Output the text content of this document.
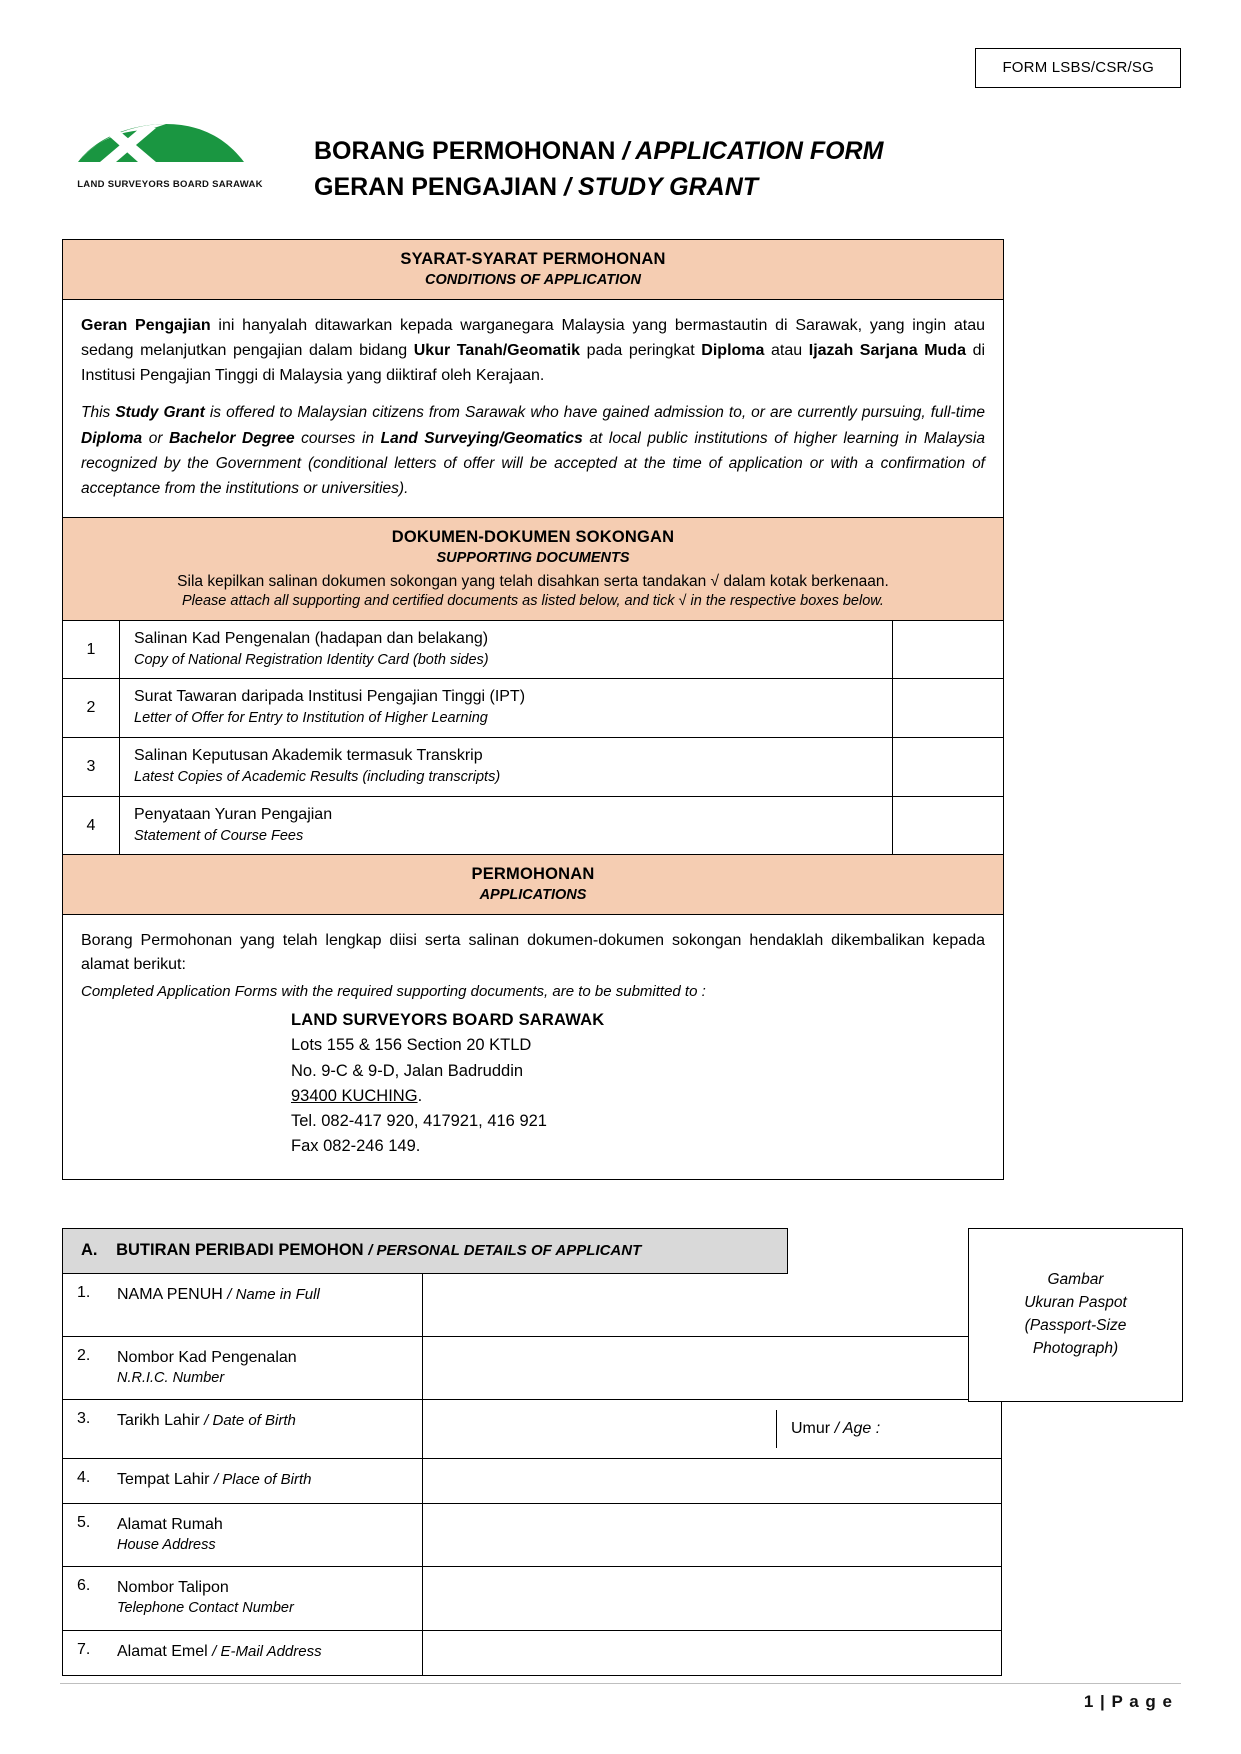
FORM LSBS/CSR/SG
LAND SURVEYORS BOARD SARAWAK
BORANG PERMOHONAN / APPLICATION FORM
GERAN PENGAJIAN / STUDY GRANT
SYARAT-SYARAT PERMOHONAN
CONDITIONS OF APPLICATION

Geran Pengajian ini hanyalah ditawarkan kepada warganegara Malaysia yang bermastautin di Sarawak, yang ingin atau sedang melanjutkan pengajian dalam bidang Ukur Tanah/Geomatik pada peringkat Diploma atau Ijazah Sarjana Muda di Institusi Pengajian Tinggi di Malaysia yang diiktiraf oleh Kerajaan.

This Study Grant is offered to Malaysian citizens from Sarawak who have gained admission to, or are currently pursuing, full-time Diploma or Bachelor Degree courses in Land Surveying/Geomatics at local public institutions of higher learning in Malaysia recognized by the Government (conditional letters of offer will be accepted at the time of application or with a confirmation of acceptance from the institutions or universities).

DOKUMEN-DOKUMEN SOKONGAN
SUPPORTING DOCUMENTS
Sila kepilkan salinan dokumen sokongan yang telah disahkan serta tandakan √ dalam kotak berkenaan.
Please attach all supporting and certified documents as listed below, and tick √ in the respective boxes below.
1
Salinan Kad Pengenalan (hadapan dan belakang)
Copy of National Registration Identity Card (both sides)
2
Surat Tawaran daripada Institusi Pengajian Tinggi (IPT)
Letter of Offer for Entry to Institution of Higher Learning
3
Salinan Keputusan Akademik termasuk Transkrip
Latest Copies of Academic Results (including transcripts)
4
Penyataan Yuran Pengajian
Statement of Course Fees
PERMOHONAN
APPLICATIONS

Borang Permohonan yang telah lengkap diisi serta salinan dokumen-dokumen sokongan hendaklah dikembalikan kepada alamat berikut:

Completed Application Forms with the required supporting documents, are to be submitted to :

LAND SURVEYORS BOARD SARAWAK
Lots 155 & 156 Section 20 KTLD
No. 9-C & 9-D, Jalan Badruddin
93400 KUCHING.
Tel. 082-417 920, 417921, 416 921
Fax 082-246 149.
A. BUTIRAN PERIBADI PEMOHON / PERSONAL DETAILS OF APPLICANT
1.	NAMA PENUH / Name in Full
2.	Nombor Kad Pengenalan
N.R.I.C. Number
3.	Tarikh Lahir / Date of Birth	Umur / Age :
4.	Tempat Lahir / Place of Birth
5.	Alamat Rumah
House Address
6.	Nombor Talipon
Telephone Contact Number
7.	Alamat Emel / E-Mail Address
Gambar
Ukuran Paspot
(Passport-Size
Photograph)
1 | P a g e
